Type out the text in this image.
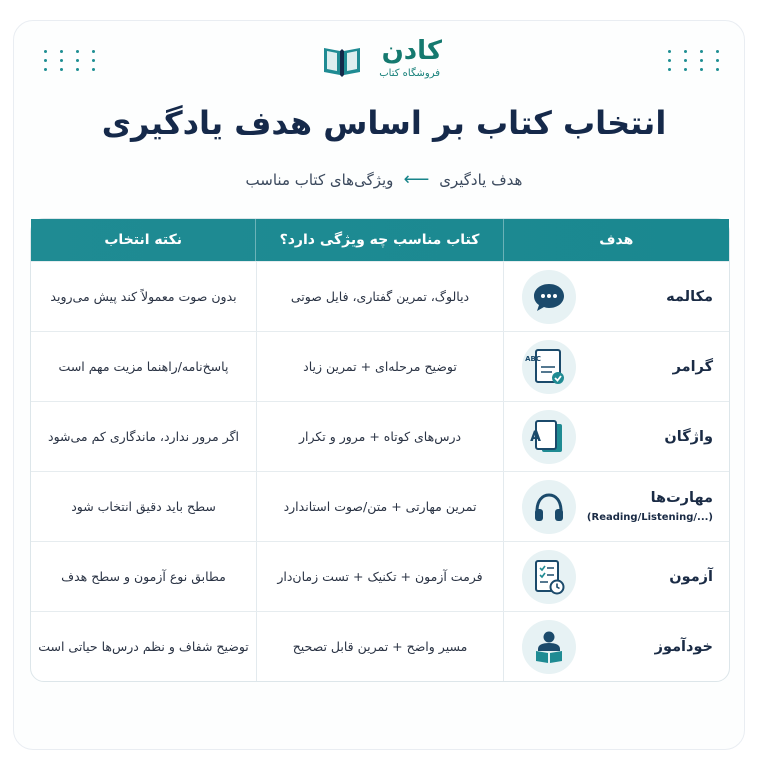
کادن
فروشگاه کتاب
انتخاب کتاب بر اساس هدف یادگیری
هدف یادگیری
⟵
ویژگی‌های کتاب مناسب
هدف
کتاب مناسب چه ویژگی دارد؟
نکته انتخاب
مکالمه
دیالوگ، تمرین گفتاری، فایل صوتی
بدون صوت معمولاً کند پیش می‌روید
گرامر
ABC
توضیح مرحله‌ای + تمرین زیاد
پاسخ‌نامه/راهنما مزیت مهم است
واژگان
A
درس‌های کوتاه + مرور و تکرار
اگر مرور ندارد، ماندگاری کم می‌شود
مهارت‌ها
(Reading/Listening/...)
تمرین مهارتی + متن/صوت استاندارد
سطح باید دقیق انتخاب شود
آزمون
فرمت آزمون + تکنیک + تست زمان‌دار
مطابق نوع آزمون و سطح هدف
خودآموز
مسیر واضح + تمرین قابل تصحیح
توضیح شفاف و نظم درس‌ها حیاتی است
